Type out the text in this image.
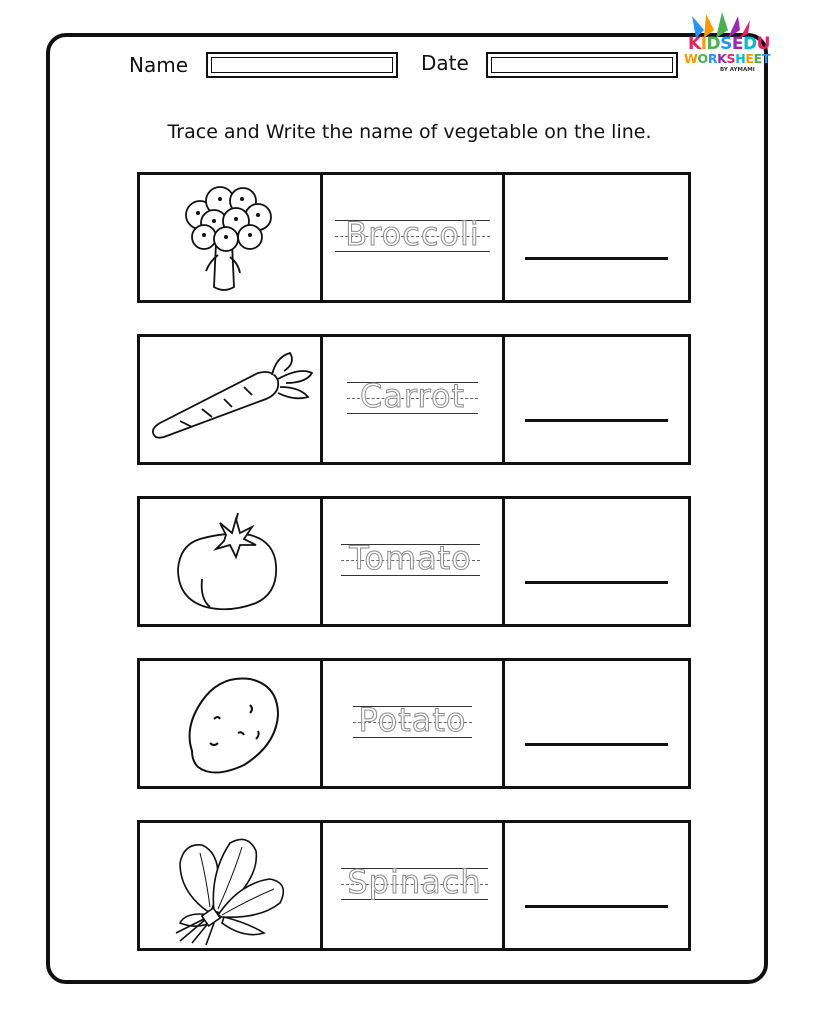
Name	Date
KIDSEDU
WORKSHEET
BY AYMAMI
Trace and Write the name of vegetable on the line.
Broccoli
Carrot
Tomato
Potato
Spinach
